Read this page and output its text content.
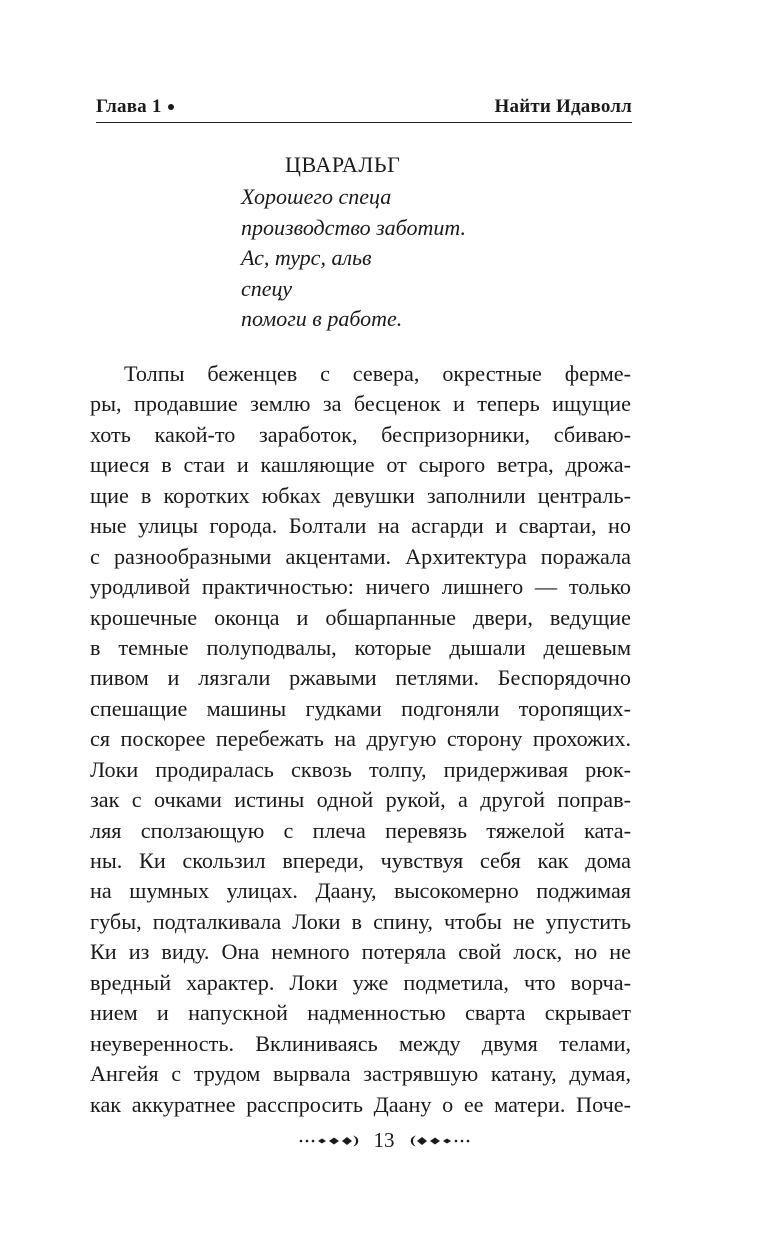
Глава 1	Найти Идаволл
ЦВАРАЛЬГ
Хорошего спеца
производство заботит.
Ас, турс, альв
спецу
помоги в работе.
Толпы беженцев с севера, окрестные ферме-
ры, продавшие землю за бесценок и теперь ищущие
хоть какой-то заработок, беспризорники, сбиваю-
щиеся в стаи и кашляющие от сырого ветра, дрожа-
щие в коротких юбках девушки заполнили централь-
ные улицы города. Болтали на асгарди и свартаи, но
с разнообразными акцентами. Архитектура поражала
уродливой практичностью: ничего лишнего — только
крошечные оконца и обшарпанные двери, ведущие
в темные полуподвалы, которые дышали дешевым
пивом и лязгали ржавыми петлями. Беспорядочно
спешащие машины гудками подгоняли торопящих-
ся поскорее перебежать на другую сторону прохожих.
Локи продиралась сквозь толпу, придерживая рюк-
зак с очками истины одной рукой, а другой поправ-
ляя сползающую с плеча перевязь тяжелой ката-
ны. Ки скользил впереди, чувствуя себя как дома
на шумных улицах. Даану, высокомерно поджимая
губы, подталкивала Локи в спину, чтобы не упустить
Ки из виду. Она немного потеряла свой лоск, но не
вредный характер. Локи уже подметила, что ворча-
нием и напускной надменностью сварта скрывает
неуверенность. Вклиниваясь между двумя телами,
Ангейя с трудом вырвала застрявшую катану, думая,
как аккуратнее расспросить Даану о ее матери. Поче-
13
